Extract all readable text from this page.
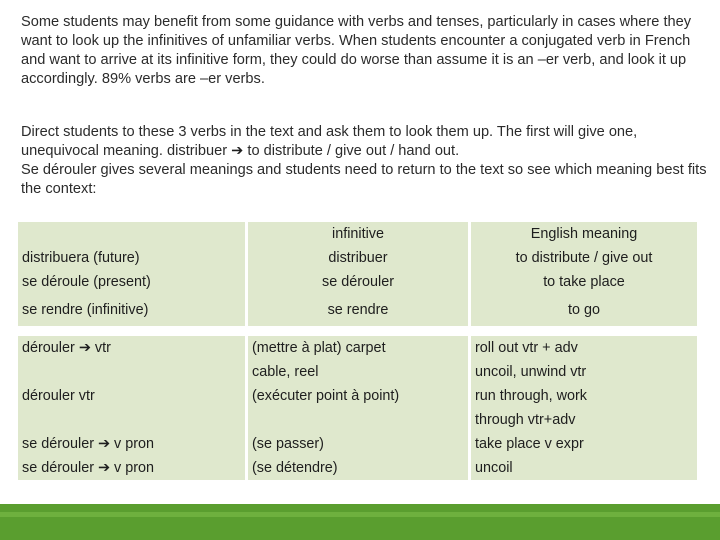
Some students may benefit from some guidance with verbs and tenses, particularly in cases where they want to look up the infinitives of unfamiliar verbs. When students encounter a conjugated verb in French and want to arrive at its infinitive form, they could do worse than assume it is an –er verb, and look it up accordingly. 89% verbs are –er verbs.

Direct students to these 3 verbs in the text and ask them to look them up. The first will give one, unequivocal meaning. distribuer ➔ to distribute / give out / hand out.

Se dérouler gives several meanings and students need to return to the text so see which meaning best fits the context:

distribuera (future)
se déroule (present)
se rendre (infinitive)
infinitive
distribuer
se dérouler
se rendre
English meaning
to distribute / give out
to take place
to go
dérouler ➔ vtr
dérouler vtr
se dérouler ➔ v pron
se dérouler ➔ v pron
(mettre à plat) carpet
cable, reel
(exécuter point à point)
(se passer)
(se détendre)
roll out vtr + adv
uncoil, unwind vtr
run through, work
through vtr+adv
take place v expr
uncoil
